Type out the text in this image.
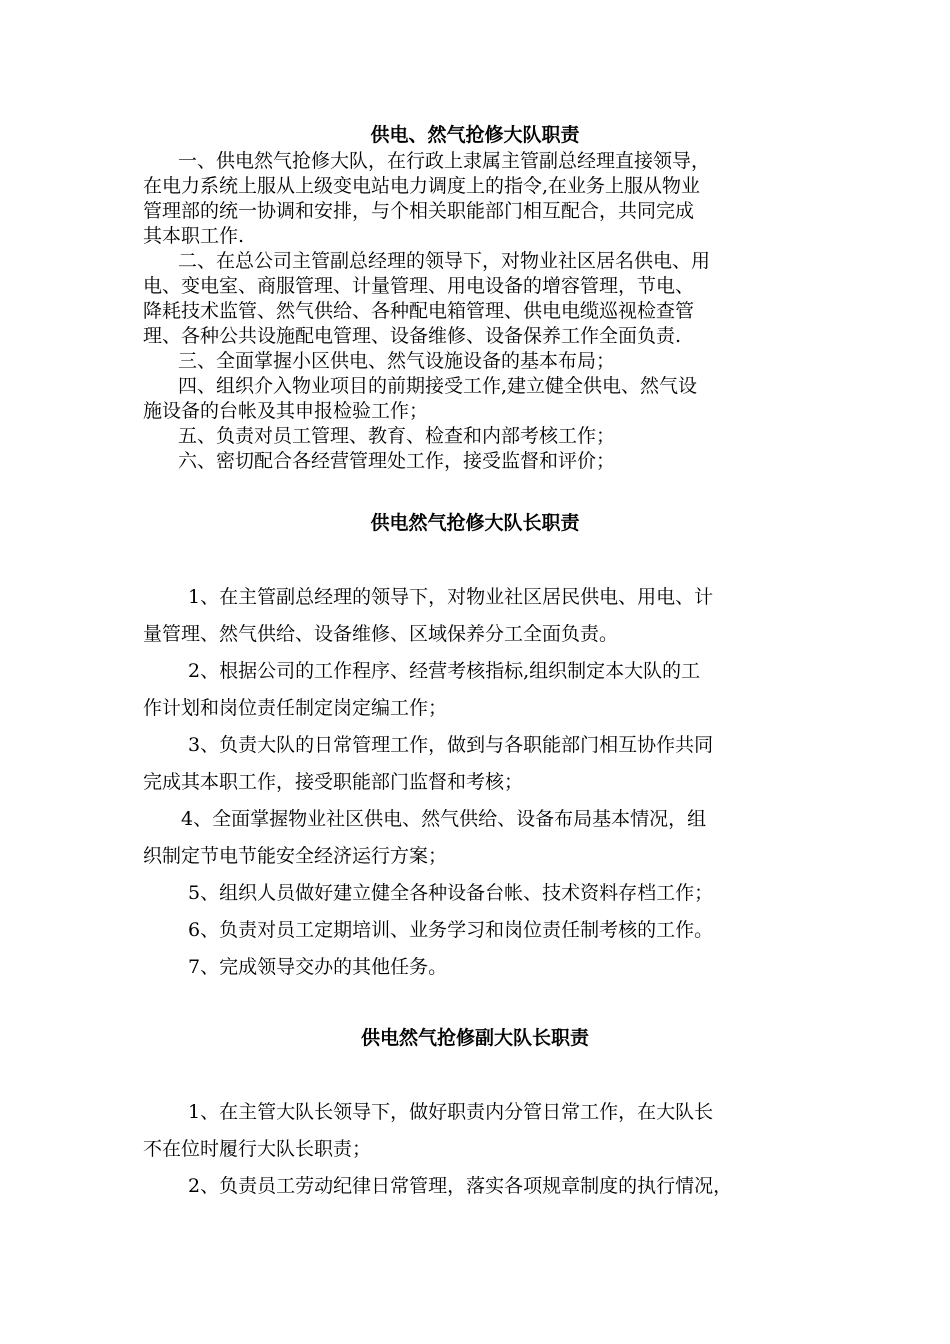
供电、然气抢修大队职责
一、供电然气抢修大队，在行政上隶属主管副总经理直接领导，
在电力系统上服从上级变电站电力调度上的指令,在业务上服从物业
管理部的统一协调和安排，与个相关职能部门相互配合，共同完成
其本职工作.
二、在总公司主管副总经理的领导下，对物业社区居名供电、用
电、变电室、商服管理、计量管理、用电设备的增容管理，节电、
降耗技术监管、然气供给、各种配电箱管理、供电电缆巡视检查管
理、各种公共设施配电管理、设备维修、设备保养工作全面负责.
三、全面掌握小区供电、然气设施设备的基本布局；
四、组织介入物业项目的前期接受工作,建立健全供电、然气设
施设备的台帐及其申报检验工作；
五、负责对员工管理、教育、检查和内部考核工作；
六、密切配合各经营管理处工作，接受监督和评价；
供电然气抢修大队长职责
1、在主管副总经理的领导下，对物业社区居民供电、用电、计
量管理、然气供给、设备维修、区域保养分工全面负责。
2、根据公司的工作程序、经营考核指标,组织制定本大队的工
作计划和岗位责任制定岗定编工作；
3、负责大队的日常管理工作，做到与各职能部门相互协作共同
完成其本职工作，接受职能部门监督和考核；
4、全面掌握物业社区供电、然气供给、设备布局基本情况，组
织制定节电节能安全经济运行方案；
5、组织人员做好建立健全各种设备台帐、技术资料存档工作；
6、负责对员工定期培训、业务学习和岗位责任制考核的工作。
7、完成领导交办的其他任务。
供电然气抢修副大队长职责
1、在主管大队长领导下，做好职责内分管日常工作，在大队长
不在位时履行大队长职责；
2、负责员工劳动纪律日常管理，落实各项规章制度的执行情况，
